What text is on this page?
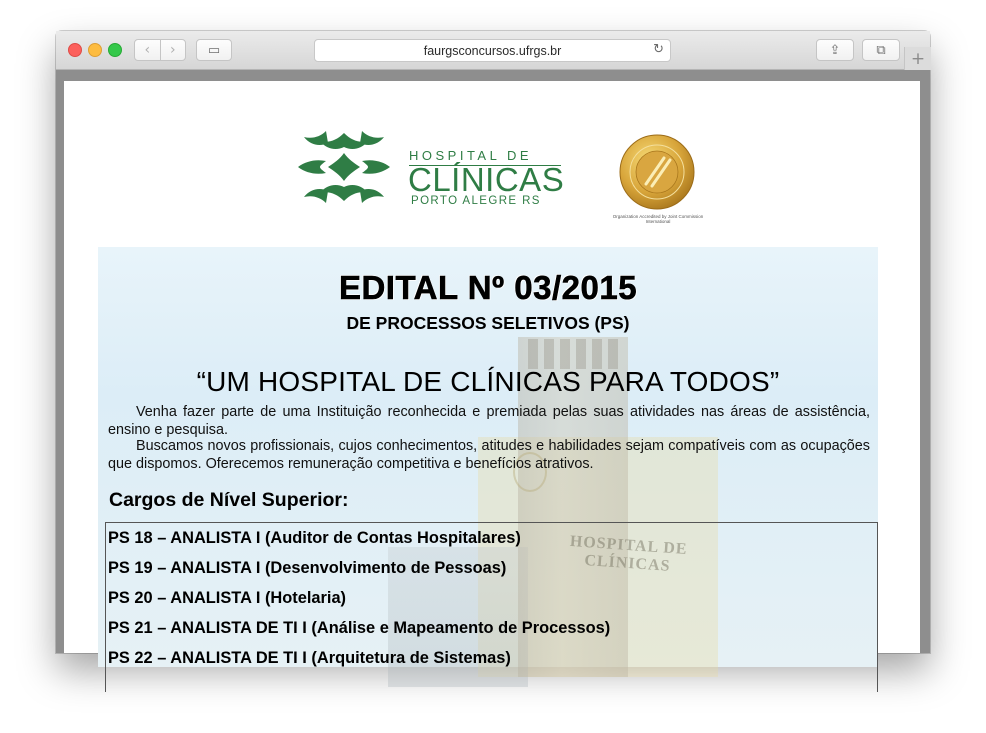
‹	›	▭	faurgsconcursos.ufrgs.br	↻	⇪	⧉ +
HOSPITAL DE
CLÍNICAS
PORTO ALEGRE RS
Organization Accredited by Joint Commission International
HOSPITAL DE CLÍNICAS
EDITAL Nº 03/2015
DE PROCESSOS SELETIVOS (PS)
“UM HOSPITAL DE CLÍNICAS PARA TODOS”
Venha fazer parte de uma Instituição reconhecida e premiada pelas suas atividades nas áreas de assistência, ensino e pesquisa.
Buscamos novos profissionais, cujos conhecimentos, atitudes e habilidades sejam compatíveis com as ocupações que dispomos. Oferecemos remuneração competitiva e benefícios atrativos.
Cargos de Nível Superior:
PS 18 – ANALISTA I (Auditor de Contas Hospitalares)
PS 19 – ANALISTA I (Desenvolvimento de Pessoas)
PS 20 – ANALISTA I (Hotelaria)
PS 21 – ANALISTA DE TI I (Análise e Mapeamento de Processos)
PS 22 – ANALISTA DE TI I (Arquitetura de Sistemas)
